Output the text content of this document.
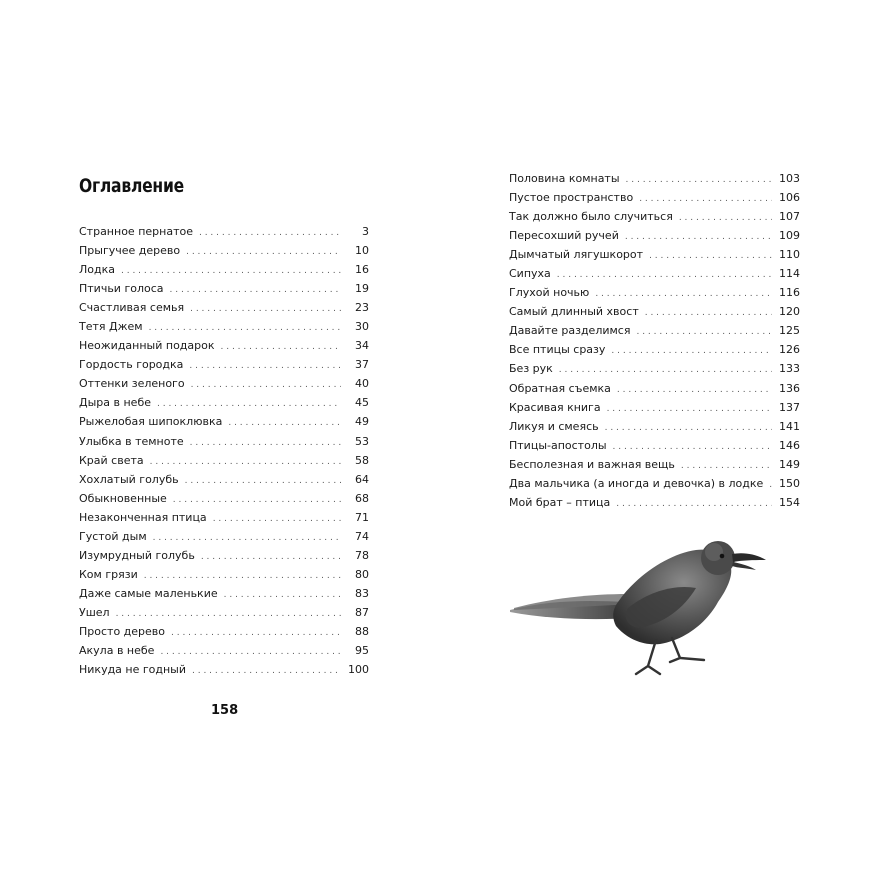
Оглавление
Странное пернатое . . .	3
Прыгучее дерево . . .	10
Лодка . . .	16
Птичьи голоса . . .	19
Счастливая семья . . .	23
Тетя Джем . . .	30
Неожиданный подарок . . .	34
Гордость городка . . .	37
Оттенки зеленого . . .	40
Дыра в небе . . .	45
Рыжелобая шипоклювка . . .	49
Улыбка в темноте . . .	53
Край света . . .	58
Хохлатый голубь . . .	64
Обыкновенные . . .	68
Незаконченная птица . . .	71
Густой дым . . .	74
Изумрудный голубь . . .	78
Ком грязи . . .	80
Даже самые маленькие . . .	83
Ушел . . .	87
Просто дерево . . .	88
Акула в небе . . .	95
Никуда не годный . . .	100
Половина комнаты . . .	103
Пустое пространство . . .	106
Так должно было случиться . . .	107
Пересохший ручей . . .	109
Дымчатый лягушкорот . . .	110
Сипуха . . .	114
Глухой ночью . . .	116
Самый длинный хвост . . .	120
Давайте разделимся . . .	125
Все птицы сразу . . .	126
Без рук . . .	133
Обратная съемка . . .	136
Красивая книга . . .	137
Ликуя и смеясь . . .	141
Птицы-апостолы . . .	146
Бесполезная и важная вещь . . .	149
Два мальчика (а иногда и девочка) в лодке . . . 150
Мой брат – птица . . .	154
158
